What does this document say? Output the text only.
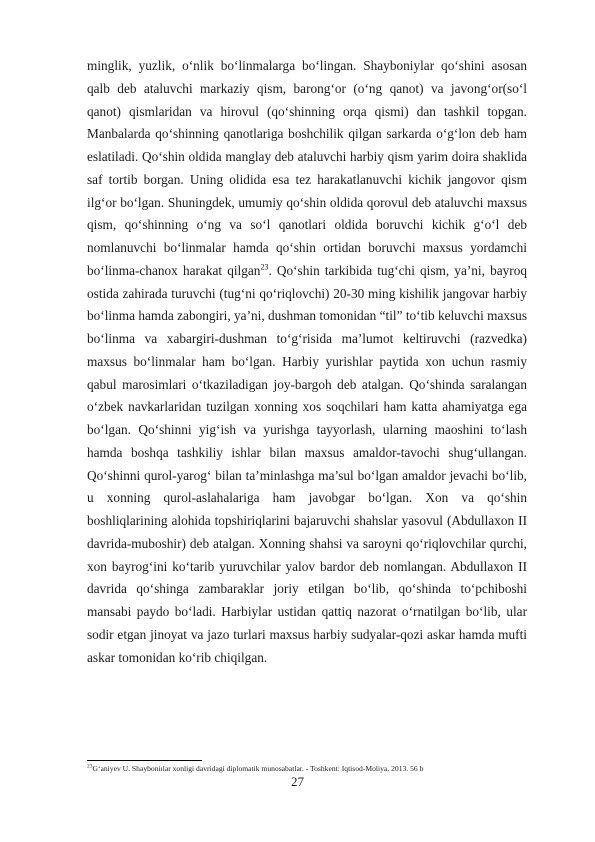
minglik, yuzlik, o‘nlik bo‘linmalarga bo‘lingan. Shayboniylar qo‘shini asosan qalb deb ataluvchi markaziy qism, barong‘or (o‘ng qanot) va javong‘or(so‘l qanot) qismlaridan va hirovul (qo‘shinning orqa qismi) dan tashkil topgan. Manbalarda qo‘shinning qanotlariga boshchilik qilgan sarkarda o‘g‘lon deb ham eslatiladi. Qo‘shin oldida manglay deb ataluvchi harbiy qism yarim doira shaklida saf tortib borgan. Uning olidida esa tez harakatlanuvchi kichik jangovor qism ilg‘or bo‘lgan. Shuningdek, umumiy qo‘shin oldida qorovul deb ataluvchi maxsus qism, qo‘shinning o‘ng va so‘l qanotlari oldida boruvchi kichik g‘o‘l deb nomlanuvchi bo‘linmalar hamda qo‘shin ortidan boruvchi maxsus yordamchi bo‘linma-chanox harakat qilgan$^{23}$. Qo‘shin tarkibida tug‘chi qism, ya’ni, bayroq ostida zahirada turuvchi (tug‘ni qo‘riqlovchi) 20-30 ming kishilik jangovar harbiy bo‘linma hamda zabongiri, ya’ni, dushman tomonidan “til” to‘tib keluvchi maxsus bo‘linma va xabargiri-dushman to‘g‘risida ma’lumot keltiruvchi (razvedka) maxsus bo‘linmalar ham bo‘lgan. Harbiy yurishlar paytida xon uchun rasmiy qabul marosimlari o‘tkaziladigan joy-bargoh deb atalgan. Qo‘shinda saralangan o‘zbek navkarlaridan tuzilgan xonning xos soqchilari ham katta ahamiyatga ega bo‘lgan. Qo‘shinni yig‘ish va yurishga tayyorlash, ularning maoshini to‘lash hamda boshqa tashkiliy ishlar bilan maxsus amaldor-tavochi shug‘ullangan. Qo‘shinni qurol-yarog‘ bilan ta’minlashga ma’sul bo‘lgan amaldor jevachi bo‘lib, u xonning qurol-aslahalariga ham javobgar bo‘lgan. Xon va qo‘shin boshliqlarining alohida topshiriqlarini bajaruvchi shahslar yasovul (Abdullaxon II davrida-muboshir) deb atalgan. Xonning shahsi va saroyni qo‘riqlovchilar qurchi, xon bayrog‘ini ko‘tarib yuruvchilar yalov bardor deb nomlangan. Abdullaxon II davrida qo‘shinga zambaraklar joriy etilgan bo‘lib, qo‘shinda to‘pchiboshi mansabi paydo bo‘ladi. Harbiylar ustidan qattiq nazorat o‘rnatilgan bo‘lib, ular sodir etgan jinoyat va jazo turlari maxsus harbiy sudyalar-qozi askar hamda mufti askar tomonidan ko‘rib chiqilgan.

$^{23}$G‘aniyev U. Shayboniılar xonligi davridagi diplomatik munosabatlar. - Toshkent: Iqtisod-Moliya, 2013. 56 b

27
